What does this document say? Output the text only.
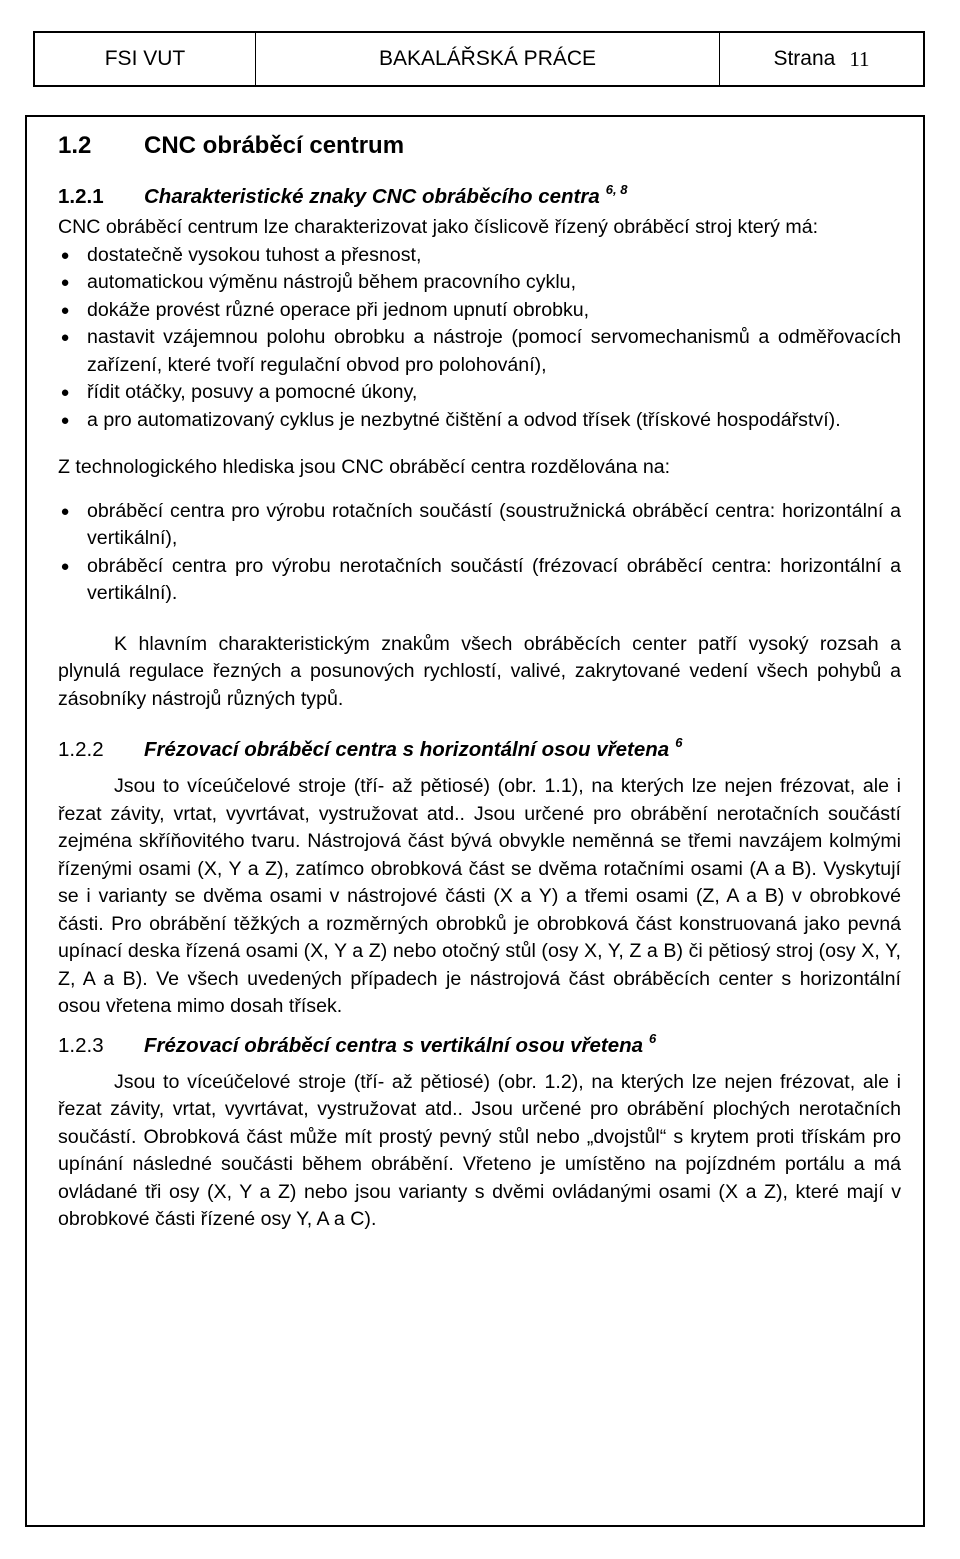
FSI VUT	BAKALÁŘSKÁ PRÁCE	Strana 11
1.2	CNC obráběcí centrum
1.2.1	Charakteristické znaky CNC obráběcího centra $^{6, 8}$

CNC obráběcí centrum lze charakterizovat jako číslicově řízený obráběcí stroj který má:

● dostatečně vysokou tuhost a přesnost,
● automatickou výměnu nástrojů během pracovního cyklu,
● dokáže provést různé operace při jednom upnutí obrobku,
● nastavit vzájemnou polohu obrobku a nástroje (pomocí servomechanismů a odměřovacích zařízení, které tvoří regulační obvod pro polohování),
● řídit otáčky, posuvy a pomocné úkony,
● a pro automatizovaný cyklus je nezbytné čištění a odvod třísek (třískové hospodářství).

Z technologického hlediska jsou CNC obráběcí centra rozdělována na:

● obráběcí centra pro výrobu rotačních součástí (soustružnická obráběcí centra: horizontální a vertikální),
● obráběcí centra pro výrobu nerotačních součástí (frézovací obráběcí centra: horizontální a vertikální).

K hlavním charakteristickým znakům všech obráběcích center patří vysoký rozsah a plynulá regulace řezných a posunových rychlostí, valivé, zakrytované vedení všech pohybů a zásobníky nástrojů různých typů.

1.2.2	Frézovací obráběcí centra s horizontální osou vřetena $^6$

Jsou to víceúčelové stroje (tří- až pětiosé) (obr. 1.1), na kterých lze nejen frézovat, ale i řezat závity, vrtat, vyvrtávat, vystružovat atd.. Jsou určené pro obrábění nerotačních součástí zejména skříňovitého tvaru. Nástrojová část bývá obvykle neměnná se třemi navzájem kolmými řízenými osami (X, Y a Z), zatímco obrobková část se dvěma rotačními osami (A a B). Vyskytují se i varianty se dvěma osami v nástrojové části (X a Y) a třemi osami (Z, A a B) v obrobkové části. Pro obrábění těžkých a rozměrných obrobků je obrobková část konstruovaná jako pevná upínací deska řízená osami (X, Y a Z) nebo otočný stůl (osy X, Y, Z a B) či pětiosý stroj (osy X, Y, Z, A a B). Ve všech uvedených případech je nástrojová část obráběcích center s horizontální osou vřetena mimo dosah třísek.

1.2.3	Frézovací obráběcí centra s vertikální osou vřetena $^6$

Jsou to víceúčelové stroje (tří- až pětiosé) (obr. 1.2), na kterých lze nejen frézovat, ale i řezat závity, vrtat, vyvrtávat, vystružovat atd.. Jsou určené pro obrábění plochých nerotačních součástí. Obrobková část může mít prostý pevný stůl nebo „dvojstůl“ s krytem proti třískám pro upínání následné součásti během obrábění. Vřeteno je umístěno na pojízdném portálu a má ovládané tři osy (X, Y a Z) nebo jsou varianty s dvěmi ovládanými osami (X a Z), které mají v obrobkové části řízené osy Y, A a C).
